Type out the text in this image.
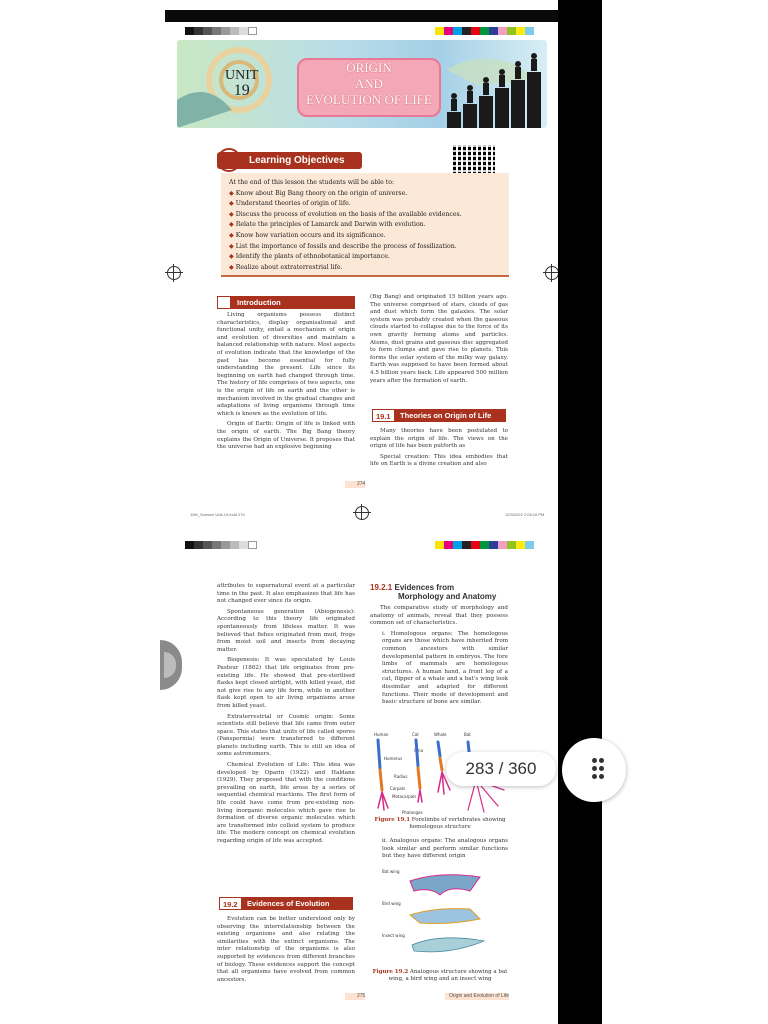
UNIT
19
ORIGIN
AND
EVOLUTION OF LIFE
Learning Objectives
At the end of this lesson the students will be able to:
◆ Know about Big Bang theory on the origin of universe.
◆ Understand theories of origin of life.
◆ Discuss the process of evolution on the basis of the available evidences.
◆ Relate the principles of Lamarck and Darwin with evolution.
◆ Know how variation occurs and its significance.
◆ List the importance of fossils and describe the process of fossilization.
◆ Identify the plants of ethnobotanical importance.
◆ Realize about extraterrestrial life.
Introduction

Living organisms possess distinct characteristics, display organisational and functional unity, entail a mechanism of origin and evolution of diversities and maintain a balanced relationship with nature. Most aspects of evolution indicate that the knowledge of the past has become essential for fully understanding the present. Life since its beginning on earth had changed through time. The history of life comprises of two aspects, one is the origin of life on earth and the other is mechanism involved in the gradual changes and adaptations of living organisms through time which is known as the evolution of life.

Origin of Earth: Origin of life is linked with the origin of earth. The Big Bang theory explains the Origin of Universe. It proposes that the universe had an explosive beginning

(Big Bang) and originated 15 billion years ago. The universe comprised of stars, clouds of gas and dust which form the galaxies. The solar system was probably created when the gaseous clouds started to collapse due to the force of its own gravity forming atoms and particles. Atoms, dust grains and gaseous disc aggregated to form clumps and gave rise to planets. This forms the solar system of the milky way galaxy. Earth was supposed to have been formed about 4.5 billion years back. Life appeared 500 million years after the formation of earth.

19.1	Theories on Origin of Life

Many theories have been postulated to explain the origin of life. The views on the origin of life has been putforth as

Special creation: This idea embodies that life on Earth is a divine creation and also

274
10th_Science Unit-19.indd 274	12/3/2022 2:05:16 PM

attributes to supernatural event at a particular time in the past. It also emphasizes that life has not changed ever since its origin.

Spontaneous generation (Abiogenesis): According to this theory life originated spontaneously from lifeless matter. It was believed that fishes originated from mud, frogs from moist soil and insects from decaying matter.

Biogenesis: It was speculated by Louis Pasteur (1862) that life originates from pre-existing life. He showed that pre-sterilised flasks kept closed airtight, with killed yeast, did not give rise to any life form, while in another flask kept open to air living organisms arose from killed yeast.

Extraterrestrial or Cosmic origin: Some scientists still believe that life came from outer space. This states that units of life called spores (Panspermia) were transferred to different planets including earth. This is still an idea of some astronomers.

Chemical Evolution of Life: This idea was developed by Oparin (1922) and Haldane (1929). They proposed that with the conditions prevailing on earth, life arose by a series of sequential chemical reactions. The first form of life could have come from pre-existing non-living inorganic molecules which gave rise to formation of diverse organic molecules which are transformed into colloid system to produce life. The modern concept on chemical evolution regarding origin of life was accepted.

19.2	Evidences of Evolution

Evolution can be better understood only by observing the interrelationship between the existing organisms and also relating the similarities with the extinct organisms. The inter relationship of the organisms is also supported by evidences from different branches of biology. These evidences support the concept that all organisms have evolved from common ancestors.

19.2.1 Evidences from
Morphology and Anatomy

The comparative study of morphology and anatomy of animals, reveal that they possess common set of characteristics.

i. Homologous organs: The homologous organs are those which have inherited from common ancestors with similar developmental pattern in embryos. The fore limbs of mammals are homologous structures. A human hand, a front leg of a cat, flipper of a whale and a bat's wing look dissimilar and adapted for different functions. Their mode of development and basic structure of bone are similar.

Human	Cat	Whale	Bat
Humerus
Ulna
Radius
Carpals
Metacarpals
Phalanges
Figure 19.1 Forelimbs of vertebrates showing homologous structure

ii. Analogous organs: The analogous organs look similar and perform similar functions but they have different origin

Bat wing
Bird wing
Insect wing
Figure 19.2 Analogous structure showing a bat wing, a bird wing and an insect wing
275	Origin and Evolution of Life
283 / 360
